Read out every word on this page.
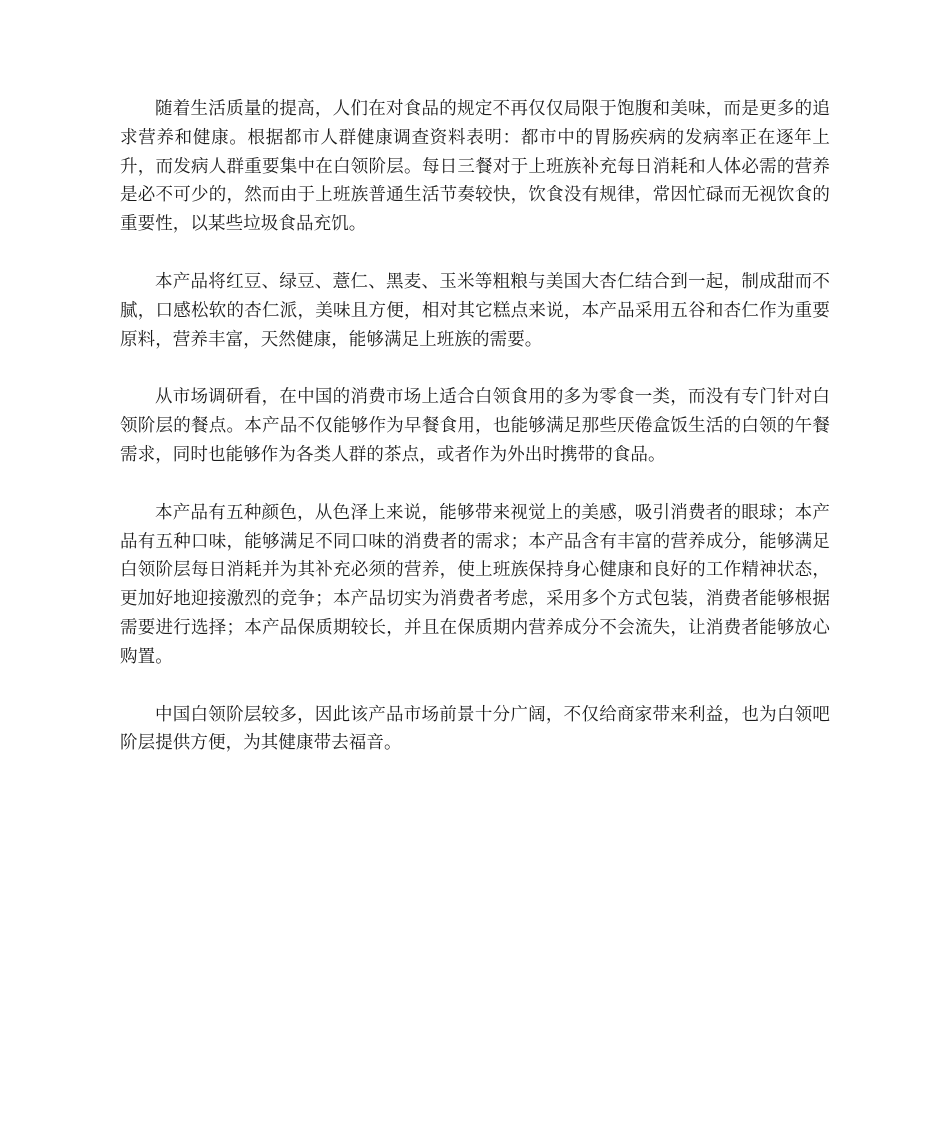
随着生活质量的提高，人们在对食品的规定不再仅仅局限于饱腹和美味，而是更多的追求营养和健康。根据都市人群健康调查资料表明：都市中的胃肠疾病的发病率正在逐年上升，而发病人群重要集中在白领阶层。每日三餐对于上班族补充每日消耗和人体必需的营养是必不可少的，然而由于上班族普通生活节奏较快，饮食没有规律，常因忙碌而无视饮食的重要性，以某些垃圾食品充饥。

本产品将红豆、绿豆、薏仁、黑麦、玉米等粗粮与美国大杏仁结合到一起，制成甜而不腻，口感松软的杏仁派，美味且方便，相对其它糕点来说，本产品采用五谷和杏仁作为重要原料，营养丰富，天然健康，能够满足上班族的需要。

从市场调研看，在中国的消费市场上适合白领食用的多为零食一类，而没有专门针对白领阶层的餐点。本产品不仅能够作为早餐食用，也能够满足那些厌倦盒饭生活的白领的午餐需求，同时也能够作为各类人群的茶点，或者作为外出时携带的食品。

本产品有五种颜色，从色泽上来说，能够带来视觉上的美感，吸引消费者的眼球；本产品有五种口味，能够满足不同口味的消费者的需求；本产品含有丰富的营养成分，能够满足白领阶层每日消耗并为其补充必须的营养，使上班族保持身心健康和良好的工作精神状态，更加好地迎接激烈的竞争；本产品切实为消费者考虑，采用多个方式包装，消费者能够根据需要进行选择；本产品保质期较长，并且在保质期内营养成分不会流失，让消费者能够放心购置。

中国白领阶层较多，因此该产品市场前景十分广阔，不仅给商家带来利益，也为白领吧阶层提供方便，为其健康带去福音。
